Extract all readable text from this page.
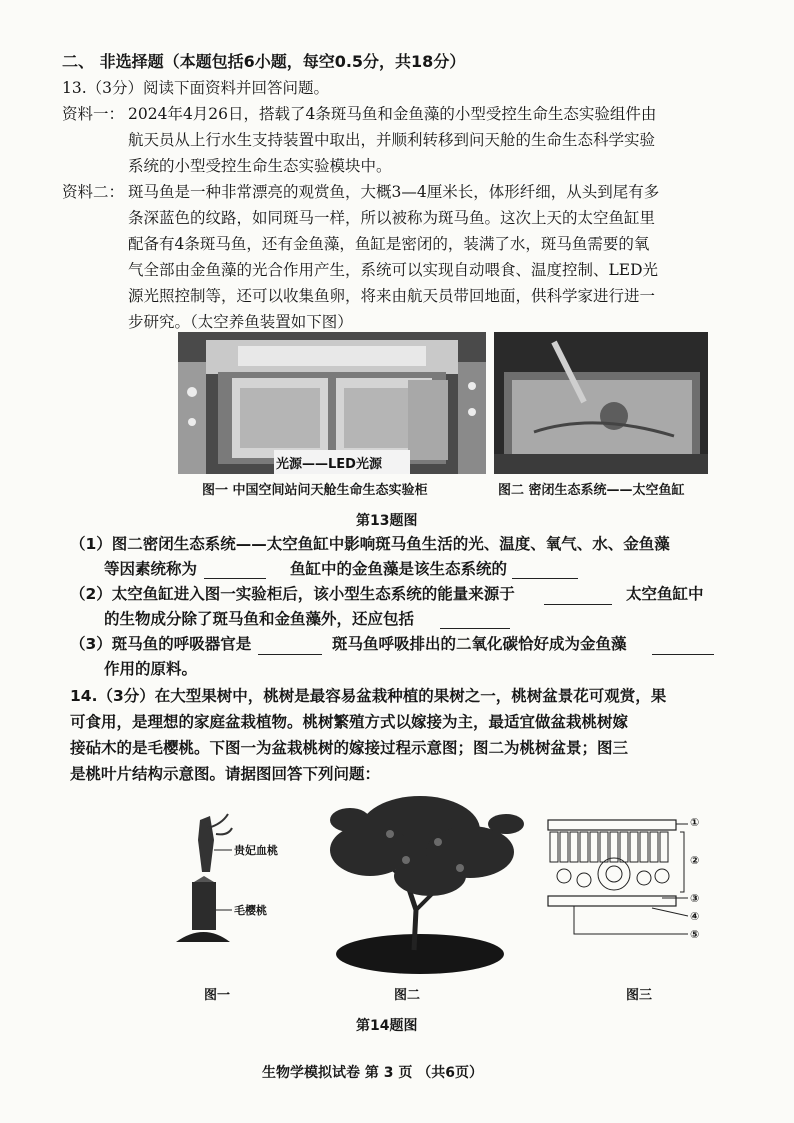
二、 非选择题（本题包括6小题，每空0.5分，共18分）
13.（3分）阅读下面资料并回答问题。
资料一： 2024年4月26日，搭载了4条斑马鱼和金鱼藻的小型受控生命生态实验组件由
航天员从上行水生支持装置中取出，并顺利转移到问天舱的生命生态科学实验
系统的小型受控生命生态实验模块中。
资料二： 斑马鱼是一种非常漂亮的观赏鱼，大概3—4厘米长，体形纤细，从头到尾有多
条深蓝色的纹路，如同斑马一样，所以被称为斑马鱼。这次上天的太空鱼缸里
配备有4条斑马鱼，还有金鱼藻，鱼缸是密闭的，装满了水，斑马鱼需要的氧
气全部由金鱼藻的光合作用产生，系统可以实现自动喂食、温度控制、LED光
源光照控制等，还可以收集鱼卵，将来由航天员带回地面，供科学家进行进一
步研究。（太空养鱼装置如下图）
光源——LED光源
图一 中国空间站问天舱生命生态实验柜	图二 密闭生态系统——太空鱼缸
第13题图
（1）图二密闭生态系统——太空鱼缸中影响斑马鱼生活的光、温度、氧气、水、金鱼藻
等因素统称为	鱼缸中的金鱼藻是该生态系统的
（2）太空鱼缸进入图一实验柜后，该小型生态系统的能量来源于	太空鱼缸中
的生物成分除了斑马鱼和金鱼藻外，还应包括
（3）斑马鱼的呼吸器官是	斑马鱼呼吸排出的二氧化碳恰好成为金鱼藻
作用的原料。
14.（3分）在大型果树中，桃树是最容易盆栽种植的果树之一，桃树盆景花可观赏，果
可食用，是理想的家庭盆栽植物。桃树繁殖方式以嫁接为主，最适宜做盆栽桃树嫁
接砧木的是毛樱桃。下图一为盆栽桃树的嫁接过程示意图；图二为桃树盆景；图三
是桃叶片结构示意图。请据图回答下列问题：
贵妃血桃
毛樱桃
①
②
③
④
⑤
图一	图二	图三
第14题图
生物学模拟试卷 第 3 页 （共6页）
